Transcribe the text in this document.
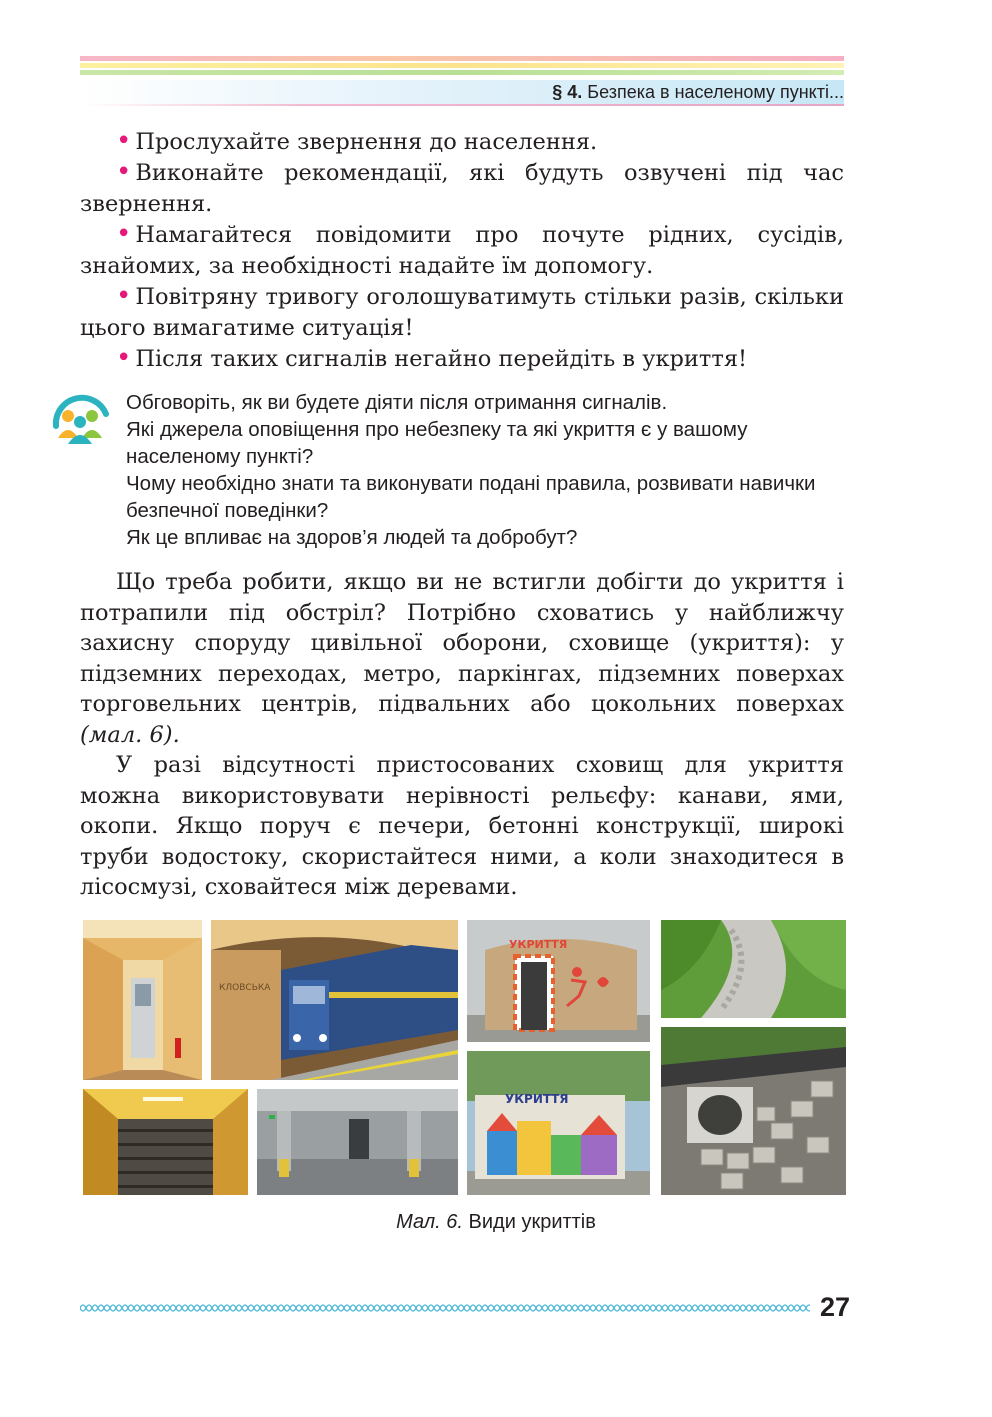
§ 4. Безпека в населеному пункті...

• Прослухайте звернення до населення.

• Виконайте рекомендації, які будуть озвучені під час звернення.

• Намагайтеся повідомити про почуте рідних, сусідів, знайомих, за необхідності надайте їм допомогу.

• Повітряну тривогу оголошуватимуть стільки разів, скільки цього вимагатиме ситуація!

• Після таких сигналів негайно перейдіть в укриття!

Обговоріть, як ви будете діяти після отримання сигналів.

Які джерела оповіщення про небезпеку та які укриття є у вашому населеному пункті?

Чому необхідно знати та виконувати подані правила, розвивати навички безпечної поведінки?

Як це впливає на здоров’я людей та добробут?

Що треба робити, якщо ви не встигли добігти до укриття і потрапили під обстріл? Потрібно сховатись у найближчу захисну споруду цивільної оборони, сховище (укриття): у підземних переходах, метро, паркінгах, підземних поверхах торговельних центрів, підвальних або цокольних поверхах (мал. 6).

У разі відсутності пристосованих сховищ для укриття можна використовувати нерівності рельєфу: канави, ями, окопи. Якщо поруч є печери, бетонні конструкції, широкі труби водостоку, скористайтеся ними, а коли знаходитеся в лісосмузі, сховайтеся між деревами.

КЛОВСЬКА
УКРИТТЯ
УКРИТТЯ
Мал. 6. Види укриттів
27
